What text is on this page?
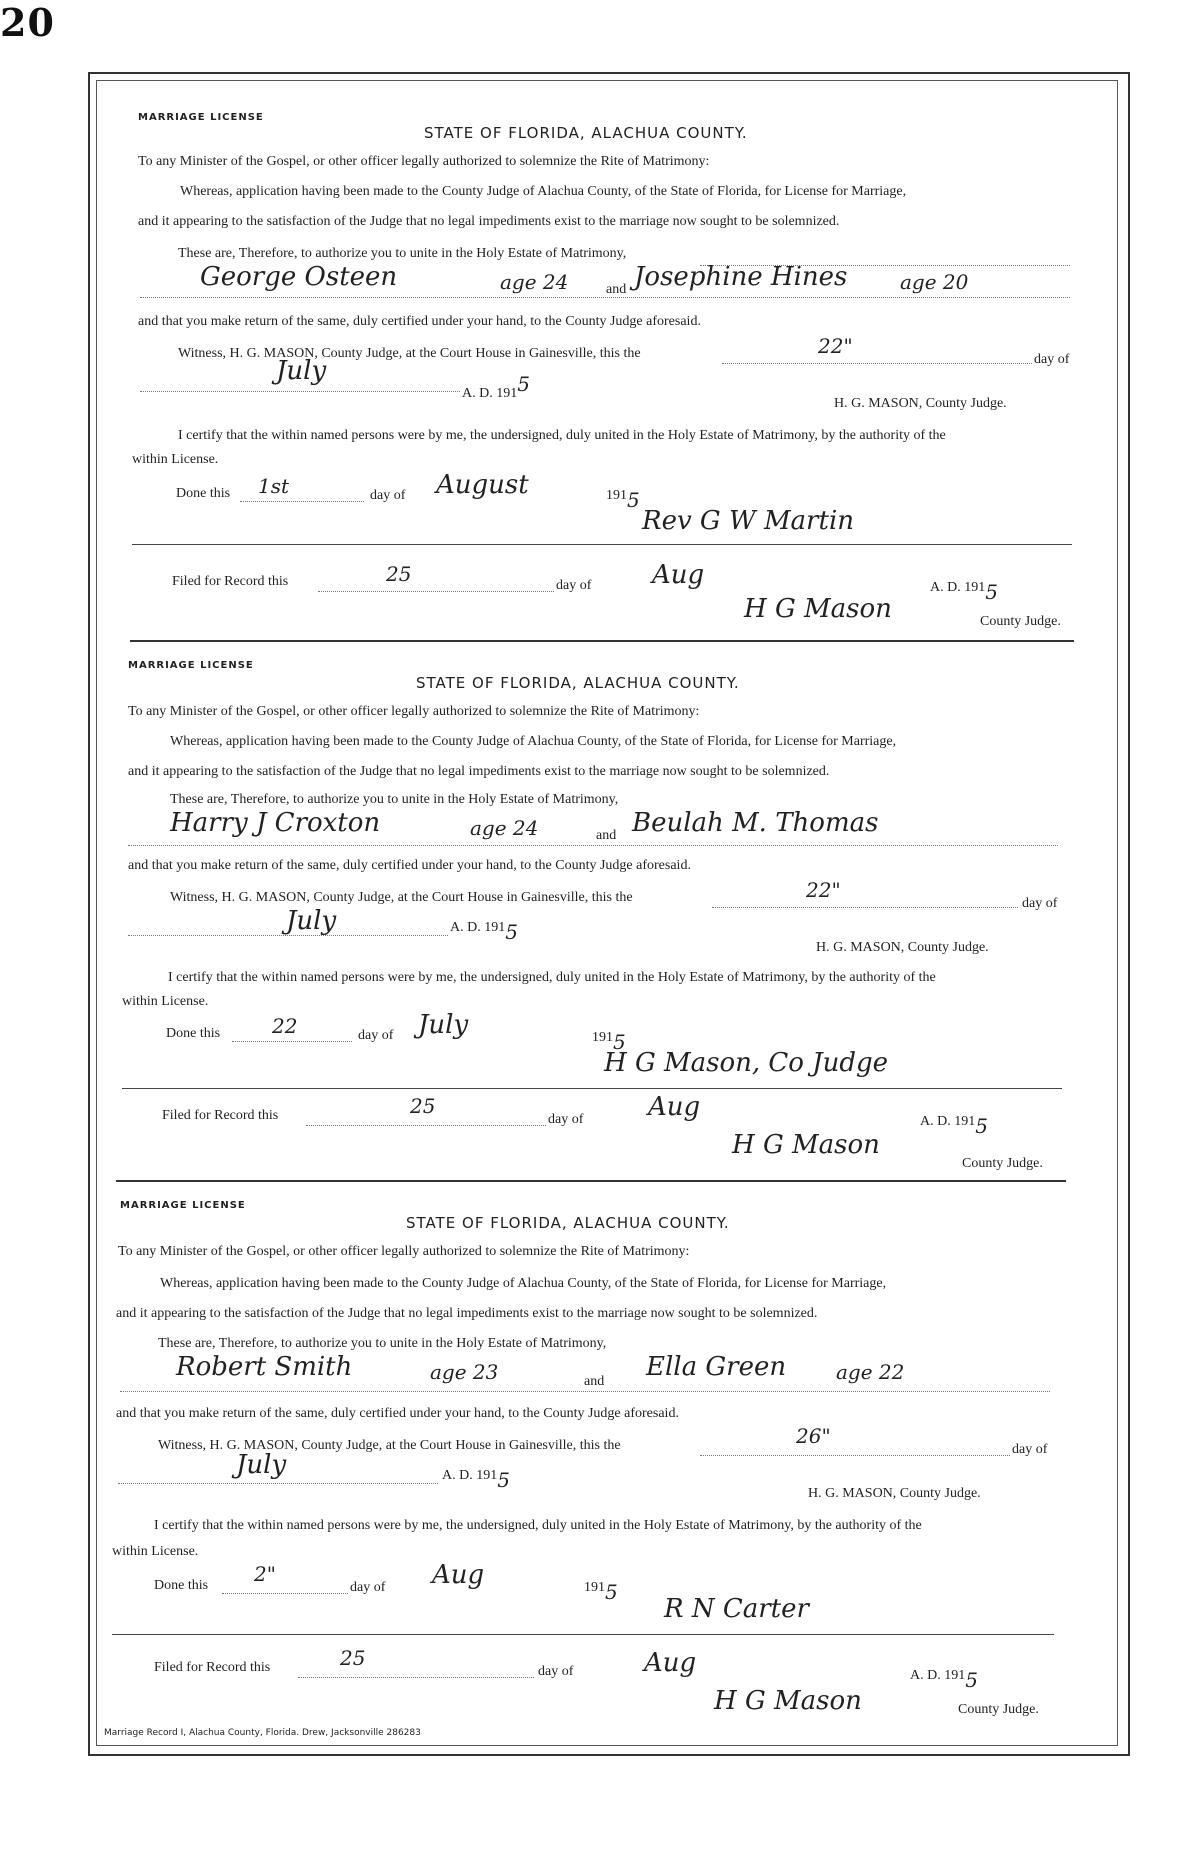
20
MARRIAGE LICENSE
STATE OF FLORIDA, ALACHUA COUNTY.
To any Minister of the Gospel, or other officer legally authorized to solemnize the Rite of Matrimony:
Whereas, application having been made to the County Judge of Alachua County, of the State of Florida, for License for Marriage,
and it appearing to the satisfaction of the Judge that no legal impediments exist to the marriage now sought to be solemnized.
These are, Therefore, to authorize you to unite in the Holy Estate of Matrimony,
George Osteen	age 24	and Josephine Hines	age 20
and that you make return of the same, duly certified under your hand, to the County Judge aforesaid.
Witness, H. G. MASON, County Judge, at the Court House in Gainesville, this the	22"
day of
July
A. D. 1915
H. G. MASON, County Judge.
I certify that the within named persons were by me, the undersigned, duly united in the Holy Estate of Matrimony, by the authority of the
within License.
Done this 1st	day of August	191 5
Rev G W Martin
Filed for Record this	25	day of Aug	A. D. 191 5
H G Mason	County Judge.
MARRIAGE LICENSE
STATE OF FLORIDA, ALACHUA COUNTY.
To any Minister of the Gospel, or other officer legally authorized to solemnize the Rite of Matrimony:
Whereas, application having been made to the County Judge of Alachua County, of the State of Florida, for License for Marriage,
and it appearing to the satisfaction of the Judge that no legal impediments exist to the marriage now sought to be solemnized.
These are, Therefore, to authorize you to unite in the Holy Estate of Matrimony,
Harry J Croxton	age 24	and Beulah M. Thomas
and that you make return of the same, duly certified under your hand, to the County Judge aforesaid.
Witness, H. G. MASON, County Judge, at the Court House in Gainesville, this the	22"
day of
July	A. D. 191 5
H. G. MASON, County Judge.
I certify that the within named persons were by me, the undersigned, duly united in the Holy Estate of Matrimony, by the authority of the
within License.
Done this	22	day of July	191 5
H G Mason, Co Judge
Filed for Record this	25
day of Aug	A. D. 191 5
H G Mason
County Judge.
MARRIAGE LICENSE
STATE OF FLORIDA, ALACHUA COUNTY.
To any Minister of the Gospel, or other officer legally authorized to solemnize the Rite of Matrimony:
Whereas, application having been made to the County Judge of Alachua County, of the State of Florida, for License for Marriage,
and it appearing to the satisfaction of the Judge that no legal impediments exist to the marriage now sought to be solemnized.
These are, Therefore, to authorize you to unite in the Holy Estate of Matrimony,
Robert Smith	age 23	and Ella Green age 22
and that you make return of the same, duly certified under your hand, to the County Judge aforesaid.
Witness, H. G. MASON, County Judge, at the Court House in Gainesville, this the	26"
day of
July	A. D. 191 5
H. G. MASON, County Judge.
I certify that the within named persons were by me, the undersigned, duly united in the Holy Estate of Matrimony, by the authority of the
within License.
Done this 2"
day of Aug	191 5
R N Carter
Filed for Record this	25
day of	Aug	A. D. 191 5
H G Mason	County Judge.
Marriage Record I, Alachua County, Florida. Drew, Jacksonville 286283
